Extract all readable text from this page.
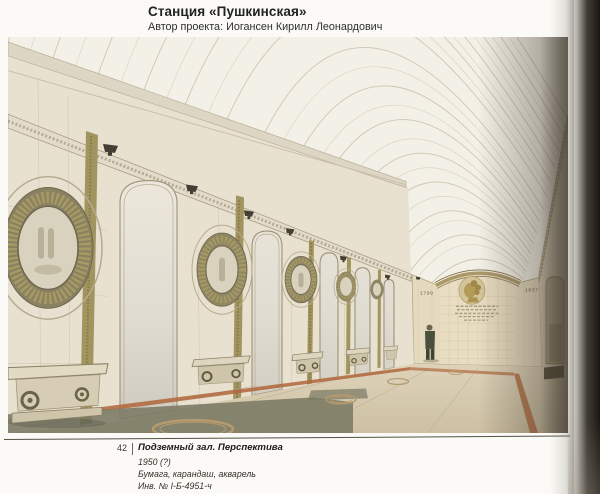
Станция «Пушкинская»
Автор проекта: Иогансен Кирилл Леонардович
1799
42 Подземный зал. Перспектива
1950 (?)
Бумага, карандаш, акварель
Инв. № I-Б-4951-ч
